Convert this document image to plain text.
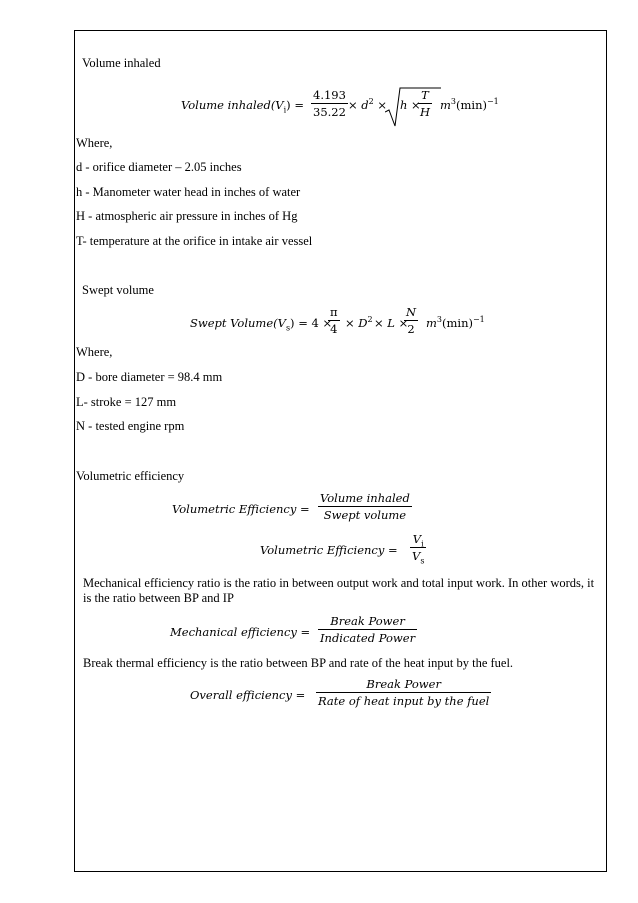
Volume inhaled
Volume $inhaled(V_i) = \frac{4.193}{35.22} \times d^2 \times h$ ×
$\frac{T}{H} m^3(\min)^{-1}$
Where,
d - orifice diameter – 2.05 inches
h - Manometer water head in inches of water
H - atmospheric air pressure in inches of Hg
T- temperature at the orifice in intake air vessel
Swept volume
Swept $Volume(V_s) = 4$ ×
$\frac{\pi}{4} \times D^2 \times L$ ×
$\frac{N}{2} m^3(\min)^{-1}$
Where,
D - bore diameter = 98.4 mm
L- stroke = 127 mm
N - tested engine rpm
Volumetric efficiency
Volumetric Efficiency =
Volume inhaled
Swept volume
Volumetric Efficiency = $\frac{V_i}{V_s}$
Mechanical efficiency ratio is the ratio in between output work and total input work. In other words, it is the ratio between BP and IP
Mechanical efficiency =
Break Power
Indicated Power
Break thermal efficiency is the ratio between BP and rate of the heat input by the fuel.
Overall efficiency =
Break Power
Rate of heat input by the fuel
